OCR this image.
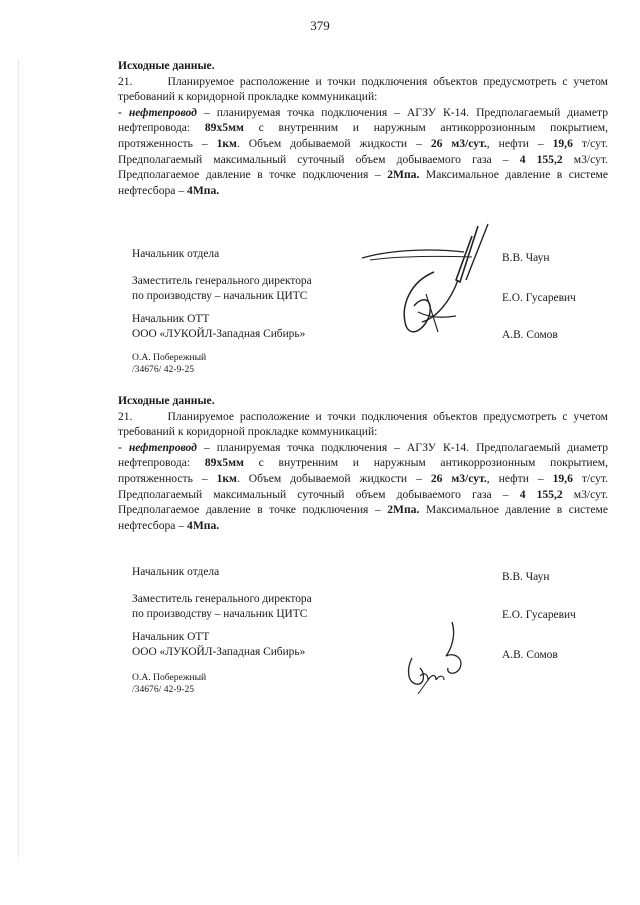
379
Исходные данные.
21.	Планируемое расположение и точки подключения объектов предусмотреть с учетом
требований к коридорной прокладке коммуникаций:
- нефтепровод – планируемая точка подключения – АГЗУ К-14. Предполагаемый диаметр
нефтепровода: 89х5мм с внутренним и наружным антикоррозионным покрытием,
протяженность – 1км. Объем добываемой жидкости – 26 м3/сут., нефти – 19,6 т/сут.
Предполагаемый максимальный суточный объем добываемого газа – 4 155,2 м3/сут.
Предполагаемое давление в точке подключения – 2Мпа. Максимальное давление в системе
нефтесбора – 4Мпа.
Начальник отдела
Заместитель генерального директора
по производству – начальник ЦИТС
Начальник ОТТ
ООО «ЛУКОЙЛ-Западная Сибирь»
В.В. Чаун
Е.О. Гусаревич
А.В. Сомов
О.А. Побережный
/34676/ 42-9-25
Исходные данные.
21.	Планируемое расположение и точки подключения объектов предусмотреть с учетом
требований к коридорной прокладке коммуникаций:
- нефтепровод – планируемая точка подключения – АГЗУ К-14. Предполагаемый диаметр
нефтепровода: 89х5мм с внутренним и наружным антикоррозионным покрытием,
протяженность – 1км. Объем добываемой жидкости – 26 м3/сут., нефти – 19,6 т/сут.
Предполагаемый максимальный суточный объем добываемого газа – 4 155,2 м3/сут.
Предполагаемое давление в точке подключения – 2Мпа. Максимальное давление в системе
нефтесбора – 4Мпа.
Начальник отдела
Заместитель генерального директора
по производству – начальник ЦИТС
Начальник ОТТ
ООО «ЛУКОЙЛ-Западная Сибирь»
В.В. Чаун
Е.О. Гусаревич
А.В. Сомов
О.А. Побережный
/34676/ 42-9-25
